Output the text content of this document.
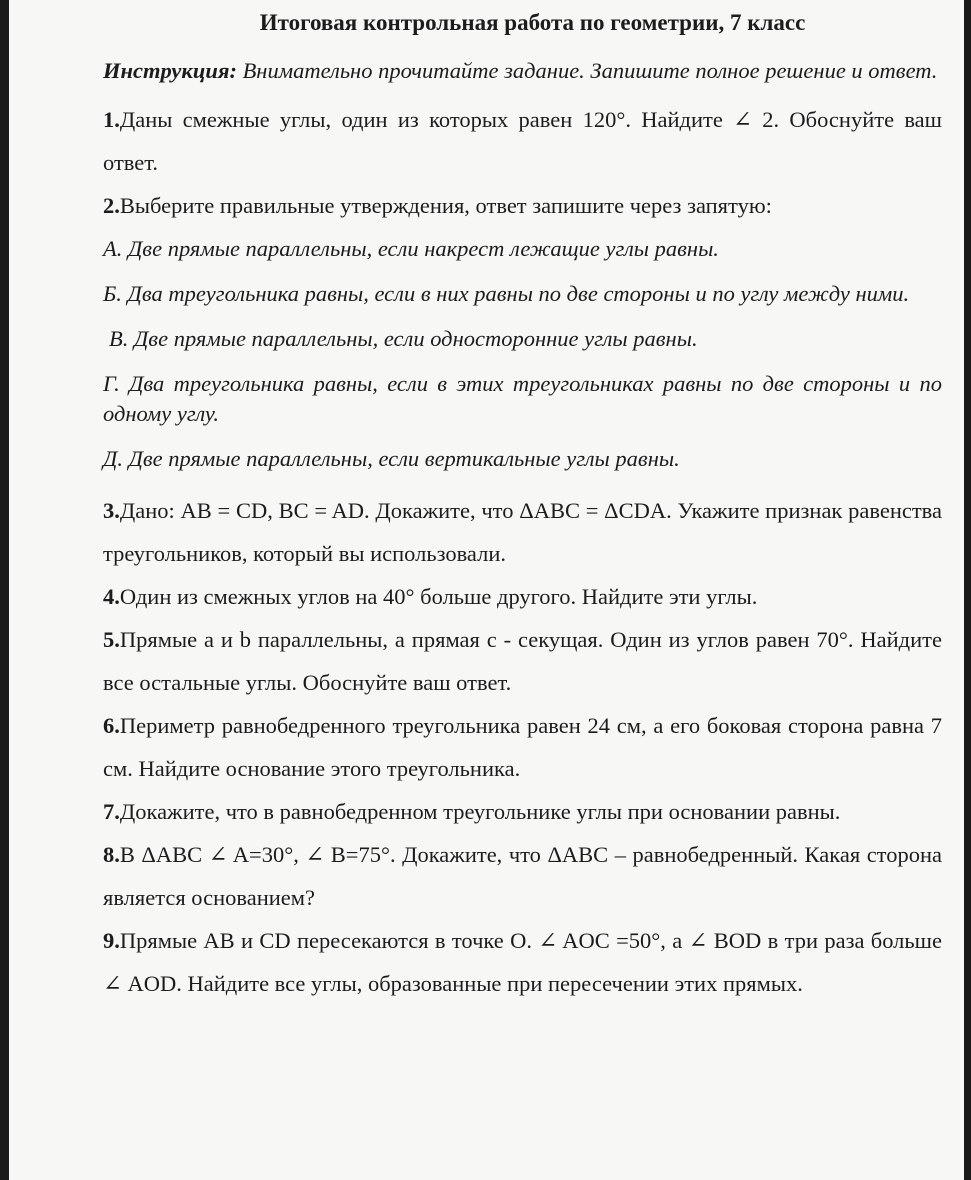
Итоговая контрольная работа по геометрии, 7 класс

Инструкция: Внимательно прочитайте задание. Запишите полное решение и ответ.

1.Даны смежные углы, один из которых равен 120°. Найдите ∠ 2. Обоснуйте ваш ответ.

2.Выберите правильные утверждения, ответ запишите через запятую:

А. Две прямые параллельны, если накрест лежащие углы равны.
Б. Два треугольника равны, если в них равны по две стороны и по углу между ними.
В. Две прямые параллельны, если односторонние углы равны.
Г. Два треугольника равны, если в этих треугольниках равны по две стороны и по одному углу.
Д. Две прямые параллельны, если вертикальные углы равны.

3.Дано: AB = CD, BC = AD. Докажите, что ΔABC = ΔCDA. Укажите признак равенства треугольников, который вы использовали.

4.Один из смежных углов на 40° больше другого. Найдите эти углы.

5.Прямые a и b параллельны, а прямая c - секущая. Один из углов равен 70°. Найдите все остальные углы. Обоснуйте ваш ответ.

6.Периметр равнобедренного треугольника равен 24 см, а его боковая сторона равна 7 см. Найдите основание этого треугольника.

7.Докажите, что в равнобедренном треугольнике углы при основании равны.

8.В ΔABC ∠ A=30°, ∠ B=75°. Докажите, что ΔABC – равнобедренный. Какая сторона является основанием?

9.Прямые AB и CD пересекаются в точке O. ∠ AOC =50°, а ∠ BOD в три раза больше ∠ AOD. Найдите все углы, образованные при пересечении этих прямых.
